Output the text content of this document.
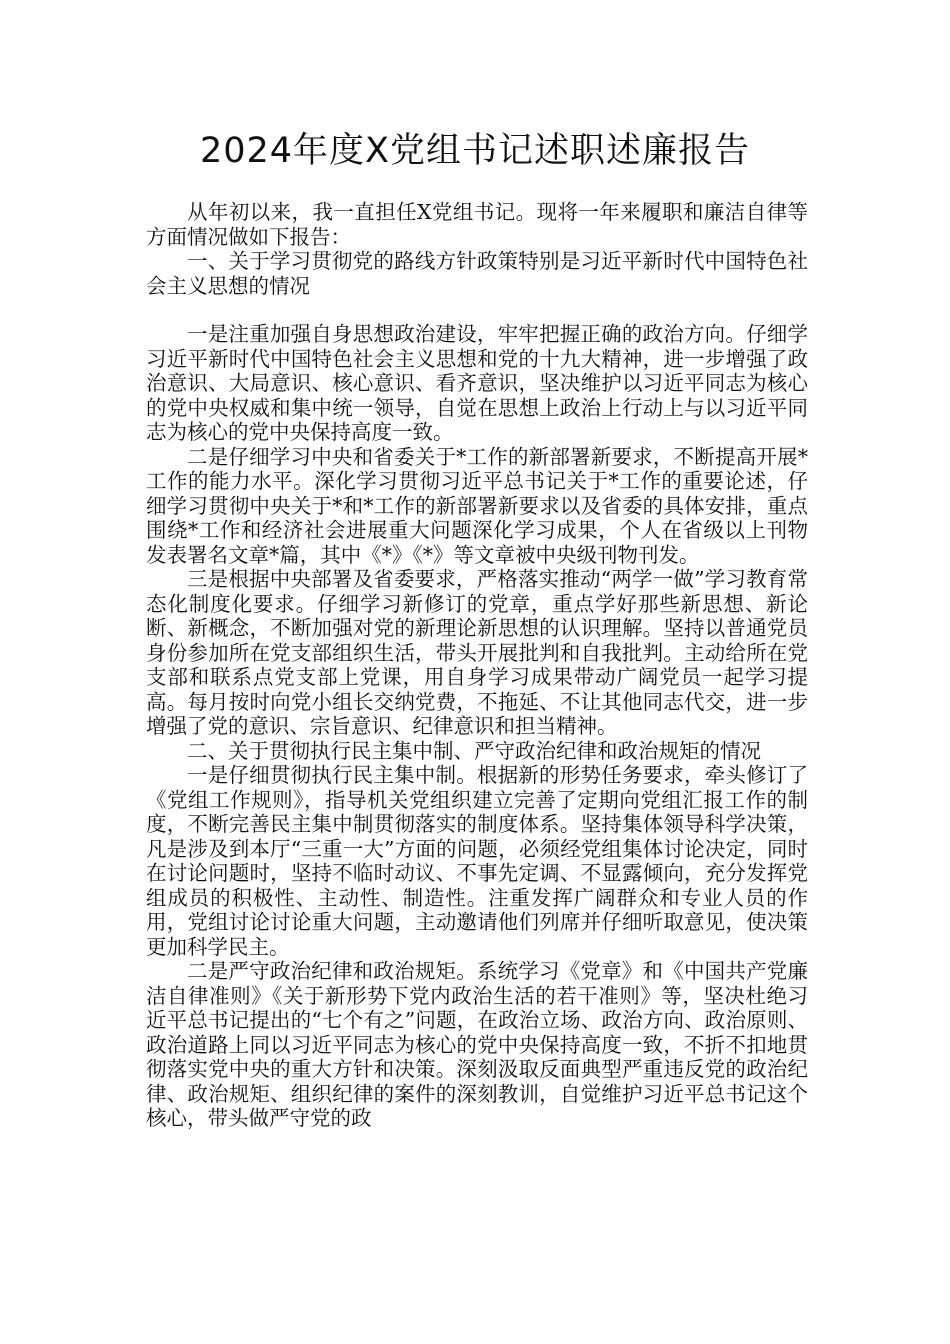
2024年度X党组书记述职述廉报告

从年初以来，我一直担任X党组书记。现将一年来履职和廉洁自律等方面情况做如下报告：

一、关于学习贯彻党的路线方针政策特别是习近平新时代中国特色社会主义思想的情况

一是注重加强自身思想政治建设，牢牢把握正确的政治方向。仔细学习近平新时代中国特色社会主义思想和党的十九大精神，进一步增强了政治意识、大局意识、核心意识、看齐意识，坚决维护以习近平同志为核心的党中央权威和集中统一领导，自觉在思想上政治上行动上与以习近平同志为核心的党中央保持高度一致。

二是仔细学习中央和省委关于*工作的新部署新要求，不断提高开展*工作的能力水平。深化学习贯彻习近平总书记关于*工作的重要论述，仔细学习贯彻中央关于*和*工作的新部署新要求以及省委的具体安排，重点围绕*工作和经济社会进展重大问题深化学习成果，个人在省级以上刊物发表署名文章*篇，其中《*》《*》等文章被中央级刊物刊发。

三是根据中央部署及省委要求，严格落实推动“两学一做”学习教育常态化制度化要求。仔细学习新修订的党章，重点学好那些新思想、新论断、新概念，不断加强对党的新理论新思想的认识理解。坚持以普通党员身份参加所在党支部组织生活，带头开展批判和自我批判。主动给所在党支部和联系点党支部上党课，用自身学习成果带动广阔党员一起学习提高。每月按时向党小组长交纳党费，不拖延、不让其他同志代交，进一步增强了党的意识、宗旨意识、纪律意识和担当精神。

二、关于贯彻执行民主集中制、严守政治纪律和政治规矩的情况

一是仔细贯彻执行民主集中制。根据新的形势任务要求，牵头修订了《党组工作规则》，指导机关党组织建立完善了定期向党组汇报工作的制度，不断完善民主集中制贯彻落实的制度体系。坚持集体领导科学决策，凡是涉及到本厅“三重一大”方面的问题，必须经党组集体讨论决定，同时在讨论问题时，坚持不临时动议、不事先定调、不显露倾向，充分发挥党组成员的积极性、主动性、制造性。注重发挥广阔群众和专业人员的作用，党组讨论讨论重大问题，主动邀请他们列席并仔细听取意见，使决策更加科学民主。

二是严守政治纪律和政治规矩。系统学习《党章》和《中国共产党廉洁自律准则》《关于新形势下党内政治生活的若干准则》等，坚决杜绝习近平总书记提出的“七个有之”问题，在政治立场、政治方向、政治原则、政治道路上同以习近平同志为核心的党中央保持高度一致，不折不扣地贯彻落实党中央的重大方针和决策。深刻汲取反面典型严重违反党的政治纪律、政治规矩、组织纪律的案件的深刻教训，自觉维护习近平总书记这个核心，带头做严守党的政
